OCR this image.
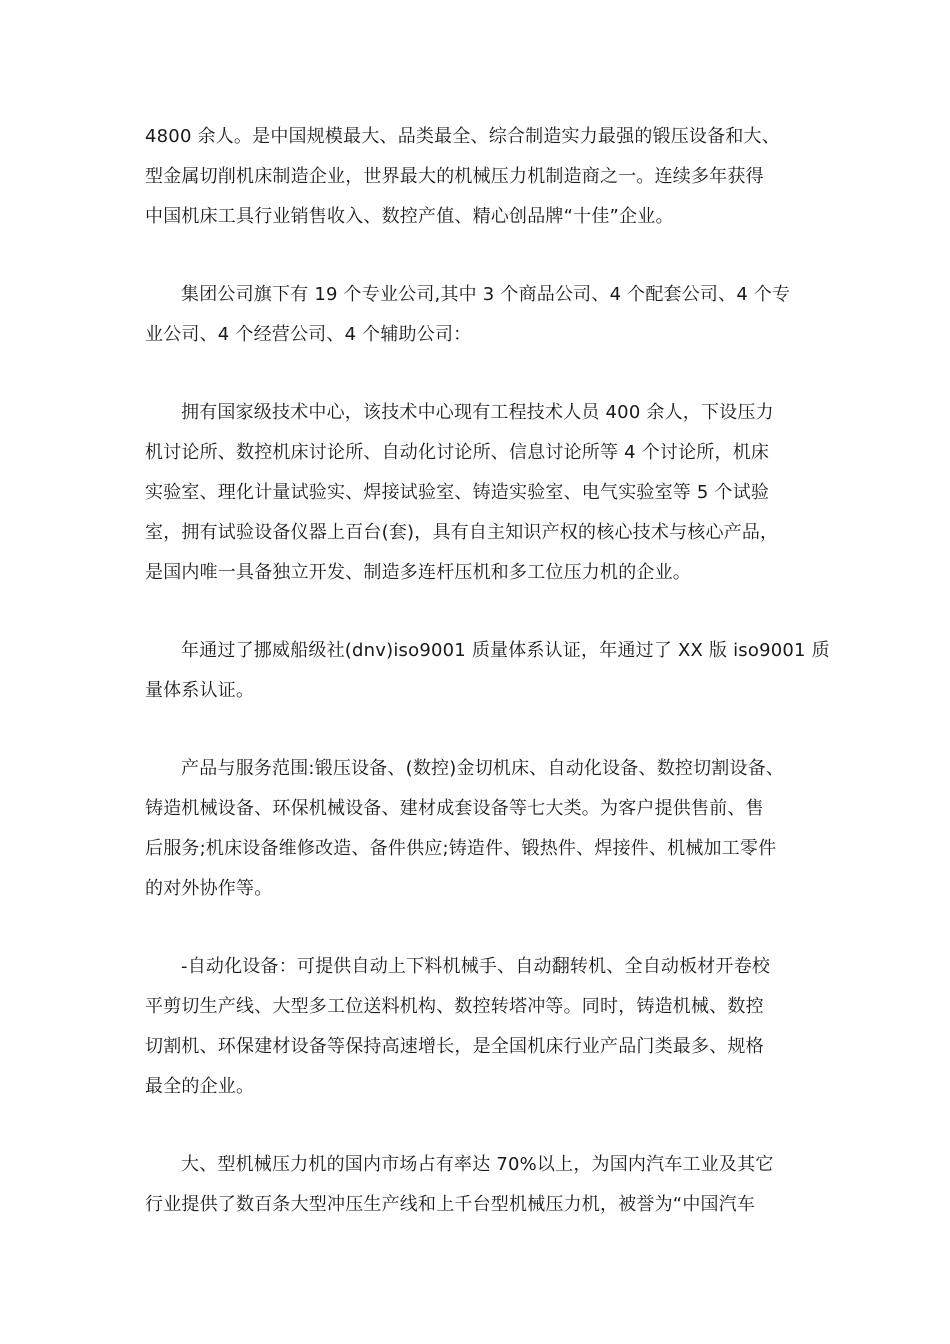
4800 余人。是中国规模最大、品类最全、综合制造实力最强的锻压设备和大、
型金属切削机床制造企业，世界最大的机械压力机制造商之一。连续多年获得
中国机床工具行业销售收入、数控产值、精心创品牌“十佳”企业。

集团公司旗下有 19 个专业公司,其中 3 个商品公司、4 个配套公司、4 个专
业公司、4 个经营公司、4 个辅助公司：

拥有国家级技术中心，该技术中心现有工程技术人员 400 余人，下设压力
机讨论所、数控机床讨论所、自动化讨论所、信息讨论所等 4 个讨论所，机床
实验室、理化计量试验实、焊接试验室、铸造实验室、电气实验室等 5 个试验
室，拥有试验设备仪器上百台(套)，具有自主知识产权的核心技术与核心产品，
是国内唯一具备独立开发、制造多连杆压机和多工位压力机的企业。

年通过了挪威船级社(dnv)iso9001 质量体系认证，年通过了 XX 版 iso9001 质
量体系认证。

产品与服务范围:锻压设备、(数控)金切机床、自动化设备、数控切割设备、
铸造机械设备、环保机械设备、建材成套设备等七大类。为客户提供售前、售
后服务;机床设备维修改造、备件供应;铸造件、锻热件、焊接件、机械加工零件
的对外协作等。

-自动化设备：可提供自动上下料机械手、自动翻转机、全自动板材开卷校
平剪切生产线、大型多工位送料机构、数控转塔冲等。同时，铸造机械、数控
切割机、环保建材设备等保持高速增长，是全国机床行业产品门类最多、规格
最全的企业。

大、型机械压力机的国内市场占有率达 70%以上，为国内汽车工业及其它
行业提供了数百条大型冲压生产线和上千台型机械压力机，被誉为“中国汽车
